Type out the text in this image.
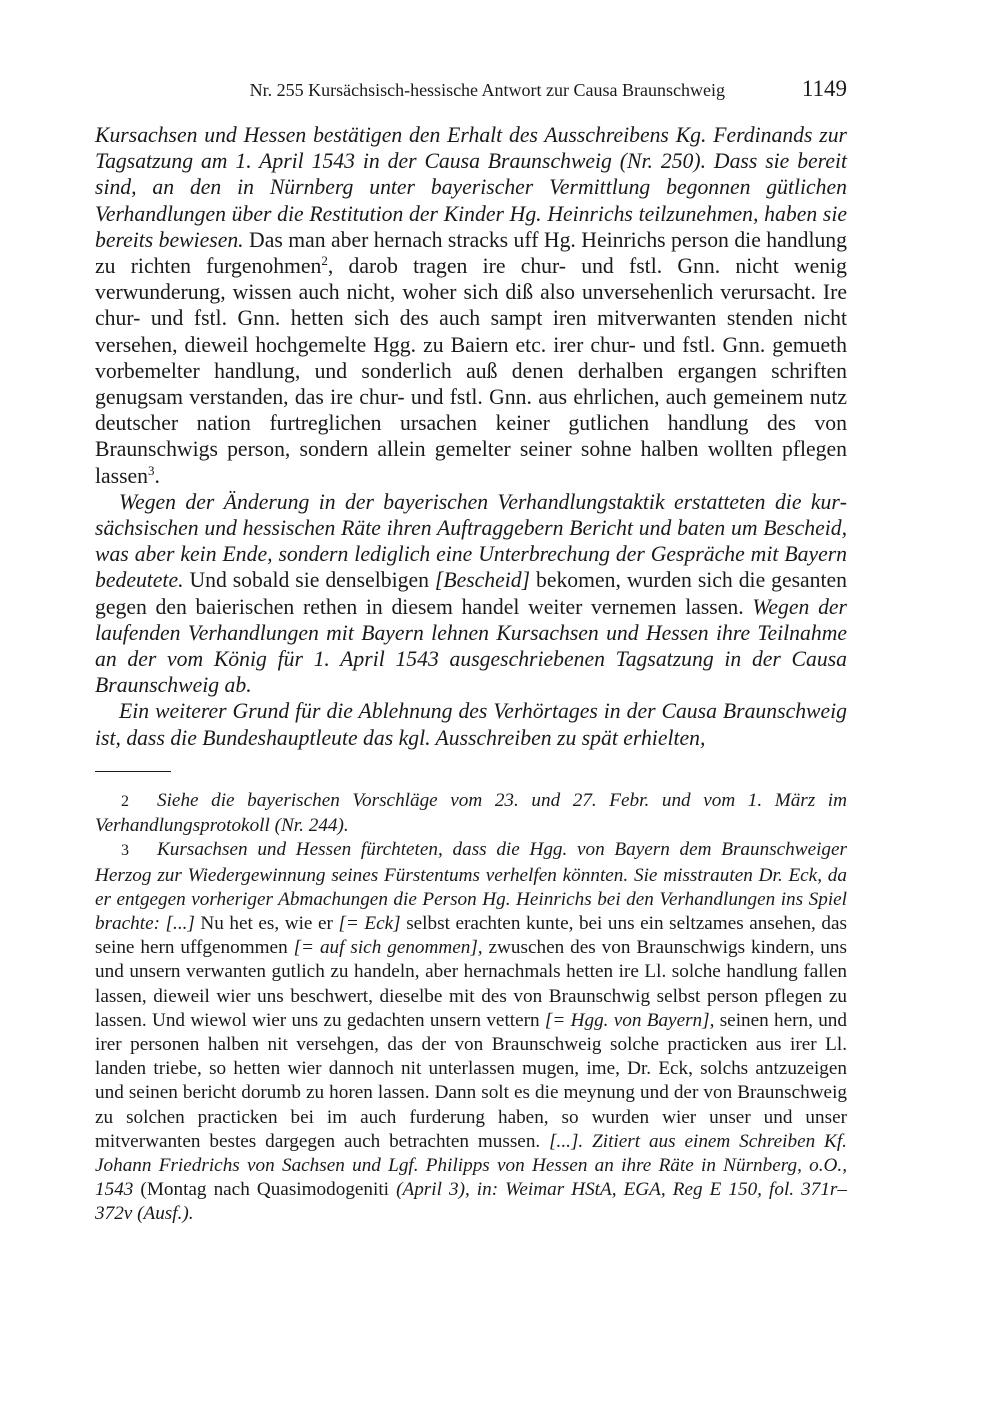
Nr. 255 Kursächsisch-hessische Antwort zur Causa Braunschweig	1149

Kursachsen und Hessen bestätigen den Erhalt des Ausschreibens Kg. Ferdinands zur Tagsatzung am 1. April 1543 in der Causa Braunschweig (Nr. 250). Dass sie bereit sind, an den in Nürnberg unter bayerischer Vermittlung begonnen gütlichen Verhandlungen über die Restitution der Kinder Hg. Heinrichs teilzunehmen, haben sie bereits bewiesen. Das man aber hernach stracks uff Hg. Heinrichs person die handlung zu richten furgenohmen$^2$, darob tragen ire chur- und fstl. Gnn. nicht wenig verwunderung, wissen auch nicht, woher sich diß also unversehenlich verursacht. Ire chur- und fstl. Gnn. hetten sich des auch sampt iren mitverwanten stenden nicht versehen, dieweil hochgemelte Hgg. zu Baiern etc. irer chur- und fstl. Gnn. gemueth vorbemelter handlung, und sonderlich auß denen derhalben ergangen schriften genugsam verstanden, das ire chur- und fstl. Gnn. aus ehrlichen, auch gemeinem nutz deutscher nation furtreglichen ursachen keiner gutlichen handlung des von Braunschwigs person, sondern allein gemelter seiner sohne halben wollten pflegen lassen$^3$.

Wegen der Änderung in der bayerischen Verhandlungstaktik erstatteten die kursächsischen und hessischen Räte ihren Auftraggebern Bericht und baten um Bescheid, was aber kein Ende, sondern lediglich eine Unterbrechung der Gespräche mit Bayern bedeutete. Und sobald sie denselbigen [Bescheid] bekomen, wurden sich die gesanten gegen den baierischen rethen in diesem handel weiter vernemen lassen. Wegen der laufenden Verhandlungen mit Bayern lehnen Kursachsen und Hessen ihre Teilnahme an der vom König für 1. April 1543 ausgeschriebenen Tagsatzung in der Causa Braunschweig ab.

Ein weiterer Grund für die Ablehnung des Verhörtages in der Causa Braunschweig ist, dass die Bundeshauptleute das kgl. Ausschreiben zu spät erhielten,

2 Siehe die bayerischen Vorschläge vom 23. und 27. Febr. und vom 1. März im Verhandlungsprotokoll (Nr. 244).

3 Kursachsen und Hessen fürchteten, dass die Hgg. von Bayern dem Braunschweiger Herzog zur Wiedergewinnung seines Fürstentums verhelfen könnten. Sie misstrauten Dr. Eck, da er entgegen vorheriger Abmachungen die Person Hg. Heinrichs bei den Verhandlungen ins Spiel brachte: [...] Nu het es, wie er [= Eck] selbst erachten kunte, bei uns ein seltzames ansehen, das seine hern uffgenommen [= auf sich genommen], zwuschen des von Braunschwigs kindern, uns und unsern verwanten gutlich zu handeln, aber hernachmals hetten ire Ll. solche handlung fallen lassen, dieweil wier uns beschwert, dieselbe mit des von Braunschwig selbst person pflegen zu lassen. Und wiewol wier uns zu gedachten unsern vettern [= Hgg. von Bayern], seinen hern, und irer personen halben nit versehgen, das der von Braunschweig solche practicken aus irer Ll. landen triebe, so hetten wier dannoch nit unterlassen mugen, ime, Dr. Eck, solchs antzuzeigen und seinen bericht dorumb zu horen lassen. Dann solt es die meynung und der von Braunschweig zu solchen practicken bei im auch furderung haben, so wurden wier unser und unser mitverwanten bestes dargegen auch betrachten mussen. [...]. Zitiert aus einem Schreiben Kf. Johann Friedrichs von Sachsen und Lgf. Philipps von Hessen an ihre Räte in Nürnberg, o.O., 1543 (Montag nach Quasimodogeniti (April 3), in: Weimar HStA, EGA, Reg E 150, fol. 371r–372v (Ausf.).
